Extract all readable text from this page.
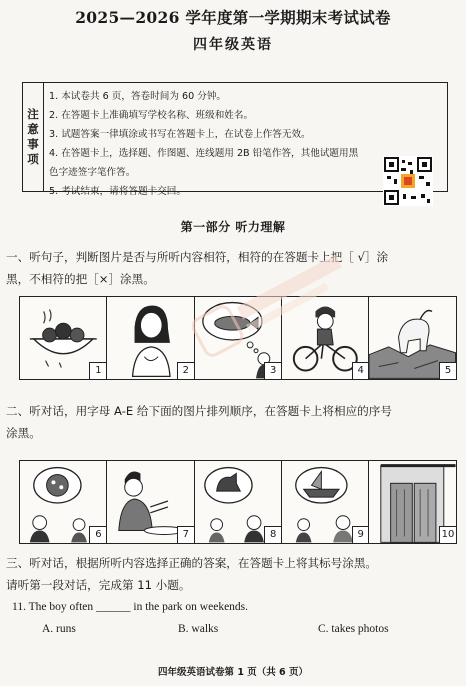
2025—2026 学年度第一学期期末考试试卷
四年级英语
注
意
事
项
1. 本试卷共 6 页，答卷时间为 60 分钟。
2. 在答题卡上准确填写学校名称、班级和姓名。
3. 试题答案一律填涂或书写在答题卡上，在试卷上作答无效。
4. 在答题卡上，选择题、作图题、连线题用 2B 铅笔作答，其他试题用黑
色字迹签字笔作答。
5. 考试结束，请将答题卡交回。
第一部分 听力理解
一、听句子，判断图片是否与所听内容相符，相符的在答题卡上把［ √］涂
黑，不相符的把［×］涂黑。
1	2	3	4	5
二、听对话，用字母 A-E 给下面的图片排列顺序，在答题卡上将相应的序号
涂黑。
6	7	8	9	10
三、听对话，根据所听内容选择正确的答案，在答题卡上将其标号涂黑。
请听第一段对话，完成第 11 小题。
11. The boy often ______ in the park on weekends.
A. runs	B. walks	C. takes photos
四年级英语试卷第 1 页（共 6 页）
